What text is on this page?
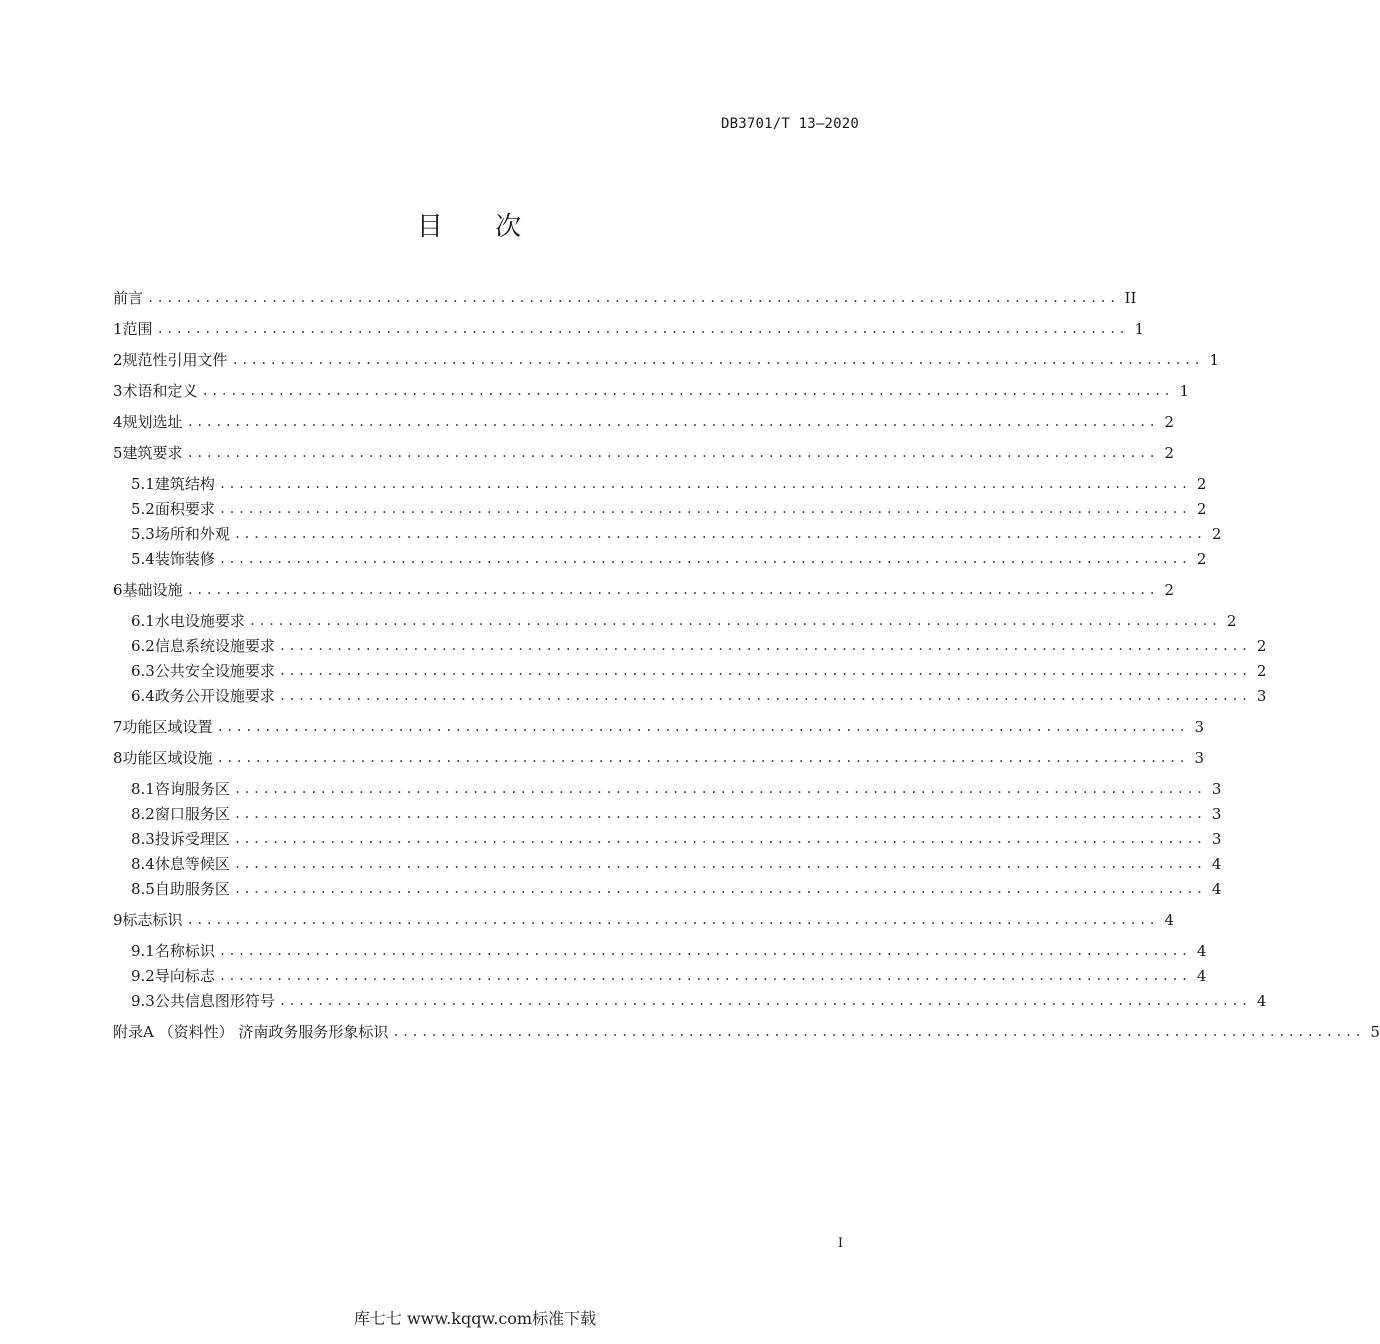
DB3701/T 13—2020
目 次
前言 ...................................................................................................... II
1 范围 ...................................................................................................... 1
2 规范性引用文件 ...................................................................................................... 1
3 术语和定义 ...................................................................................................... 1
4 规划选址 ...................................................................................................... 2
5 建筑要求 ...................................................................................................... 2
5.1 建筑结构 ...................................................................................................... 2
5.2 面积要求 ...................................................................................................... 2
5.3 场所和外观 ...................................................................................................... 2
5.4 装饰装修 ...................................................................................................... 2
6 基础设施 ...................................................................................................... 2
6.1 水电设施要求 ...................................................................................................... 2
6.2 信息系统设施要求 ...................................................................................................... 2
6.3 公共安全设施要求 ...................................................................................................... 2
6.4 政务公开设施要求 ...................................................................................................... 3
7 功能区域设置 ...................................................................................................... 3
8 功能区域设施 ...................................................................................................... 3
8.1 咨询服务区 ...................................................................................................... 3
8.2 窗口服务区 ...................................................................................................... 3
8.3 投诉受理区 ...................................................................................................... 3
8.4 休息等候区 ...................................................................................................... 4
8.5 自助服务区 ...................................................................................................... 4
9 标志标识 ...................................................................................................... 4
9.1 名称标识 ...................................................................................................... 4
9.2 导向标志 ...................................................................................................... 4
9.3 公共信息图形符号 ...................................................................................................... 4
附录A （资料性） 济南政务服务形象标识 ...................................................................................................... 5
I
库七七 www.kqqw.com标准下载
